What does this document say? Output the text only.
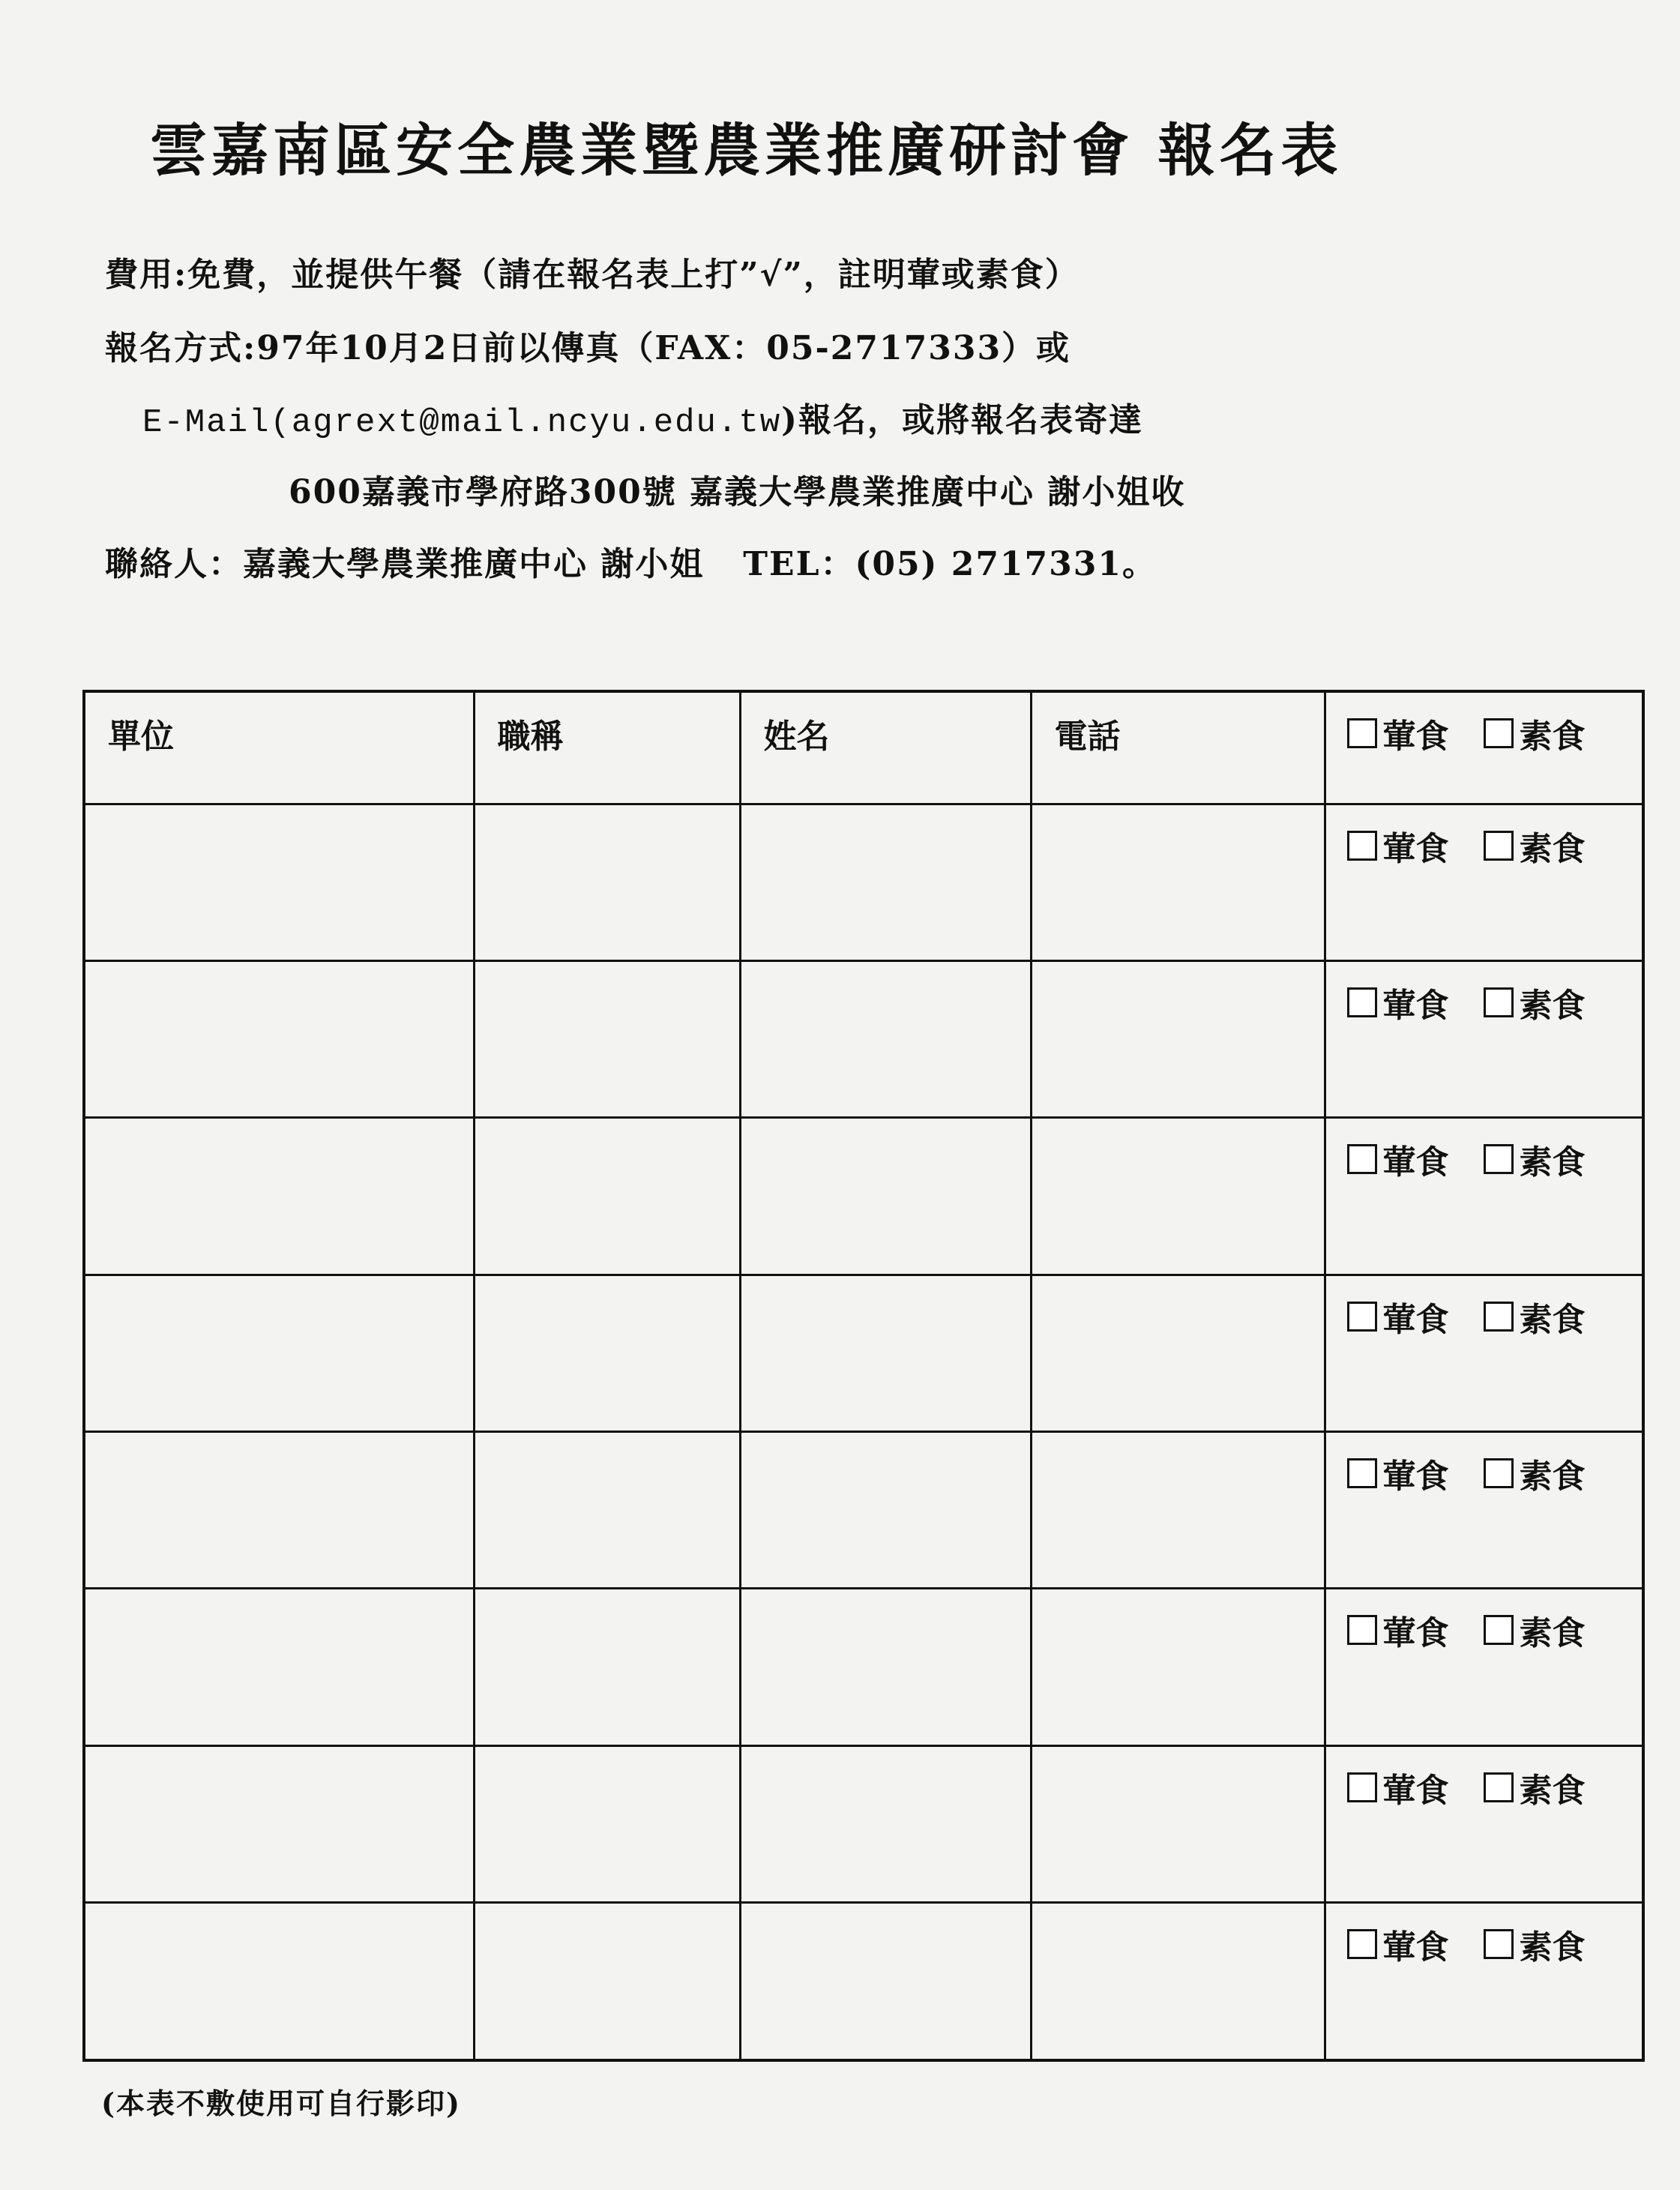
雲嘉南區安全農業暨農業推廣研討會 報名表
費用:免費，並提供午餐（請在報名表上打”√”，註明葷或素食）
報名方式:97年10月2日前以傳真（FAX：05-2717333）或
E-Mail(agrext@mail.ncyu.edu.tw)報名，或將報名表寄達
600嘉義市學府路300號 嘉義大學農業推廣中心 謝小姐收
聯絡人：嘉義大學農業推廣中心 謝小姐 TEL：(05) 2717331。
單位	職稱	姓名	電話	葷食 素食

				葷食 素食

				葷食 素食

				葷食 素食

				葷食 素食

				葷食 素食

				葷食 素食

				葷食 素食

				葷食 素食
(本表不敷使用可自行影印)
